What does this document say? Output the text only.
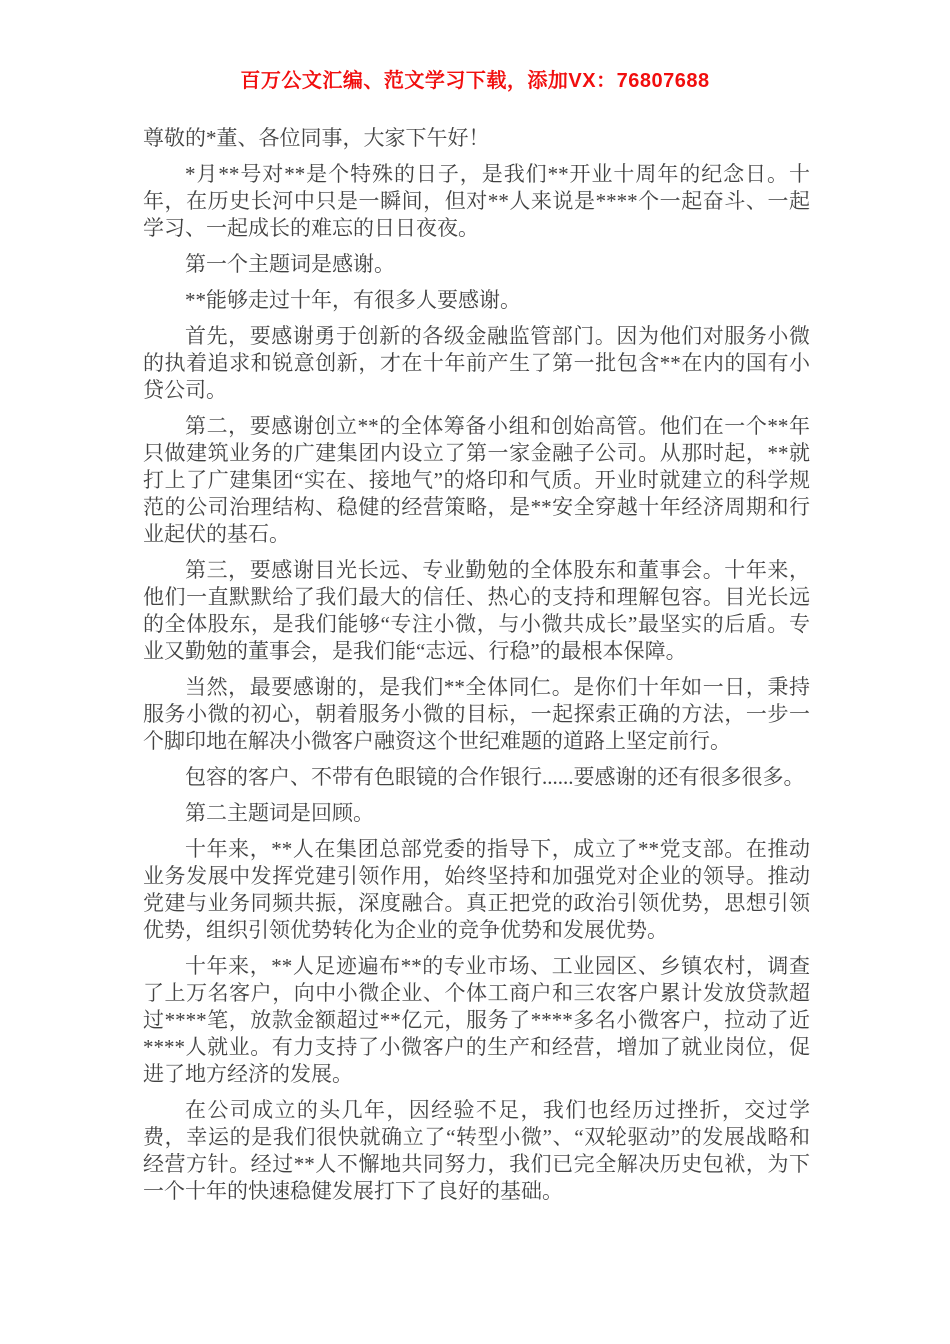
百万公文汇编、范文学习下载，添加VX：76807688

尊敬的*董、各位同事，大家下午好！

*月**号对**是个特殊的日子，是我们**开业十周年的纪念日。十年，在历史长河中只是一瞬间，但对**人来说是****个一起奋斗、一起学习、一起成长的难忘的日日夜夜。

第一个主题词是感谢。

**能够走过十年，有很多人要感谢。

首先，要感谢勇于创新的各级金融监管部门。因为他们对服务小微的执着追求和锐意创新，才在十年前产生了第一批包含**在内的国有小贷公司。

第二，要感谢创立**的全体筹备小组和创始高管。他们在一个**年只做建筑业务的广建集团内设立了第一家金融子公司。从那时起，**就打上了广建集团“实在、接地气”的烙印和气质。开业时就建立的科学规范的公司治理结构、稳健的经营策略，是**安全穿越十年经济周期和行业起伏的基石。

第三，要感谢目光长远、专业勤勉的全体股东和董事会。十年来，他们一直默默给了我们最大的信任、热心的支持和理解包容。目光长远的全体股东，是我们能够“专注小微，与小微共成长”最坚实的后盾。专业又勤勉的董事会，是我们能“志远、行稳”的最根本保障。

当然，最要感谢的，是我们**全体同仁。是你们十年如一日，秉持服务小微的初心，朝着服务小微的目标，一起探索正确的方法，一步一个脚印地在解决小微客户融资这个世纪难题的道路上坚定前行。

包容的客户、不带有色眼镜的合作银行......要感谢的还有很多很多。

第二主题词是回顾。

十年来，**人在集团总部党委的指导下，成立了**党支部。在推动业务发展中发挥党建引领作用，始终坚持和加强党对企业的领导。推动党建与业务同频共振，深度融合。真正把党的政治引领优势，思想引领优势，组织引领优势转化为企业的竞争优势和发展优势。

十年来，**人足迹遍布**的专业市场、工业园区、乡镇农村，调查了上万名客户，向中小微企业、个体工商户和三农客户累计发放贷款超过****笔，放款金额超过**亿元，服务了****多名小微客户，拉动了近****人就业。有力支持了小微客户的生产和经营，增加了就业岗位，促进了地方经济的发展。

在公司成立的头几年，因经验不足，我们也经历过挫折，交过学费，幸运的是我们很快就确立了“转型小微”、“双轮驱动”的发展战略和经营方针。经过**人不懈地共同努力，我们已完全解决历史包袱，为下一个十年的快速稳健发展打下了良好的基础。
